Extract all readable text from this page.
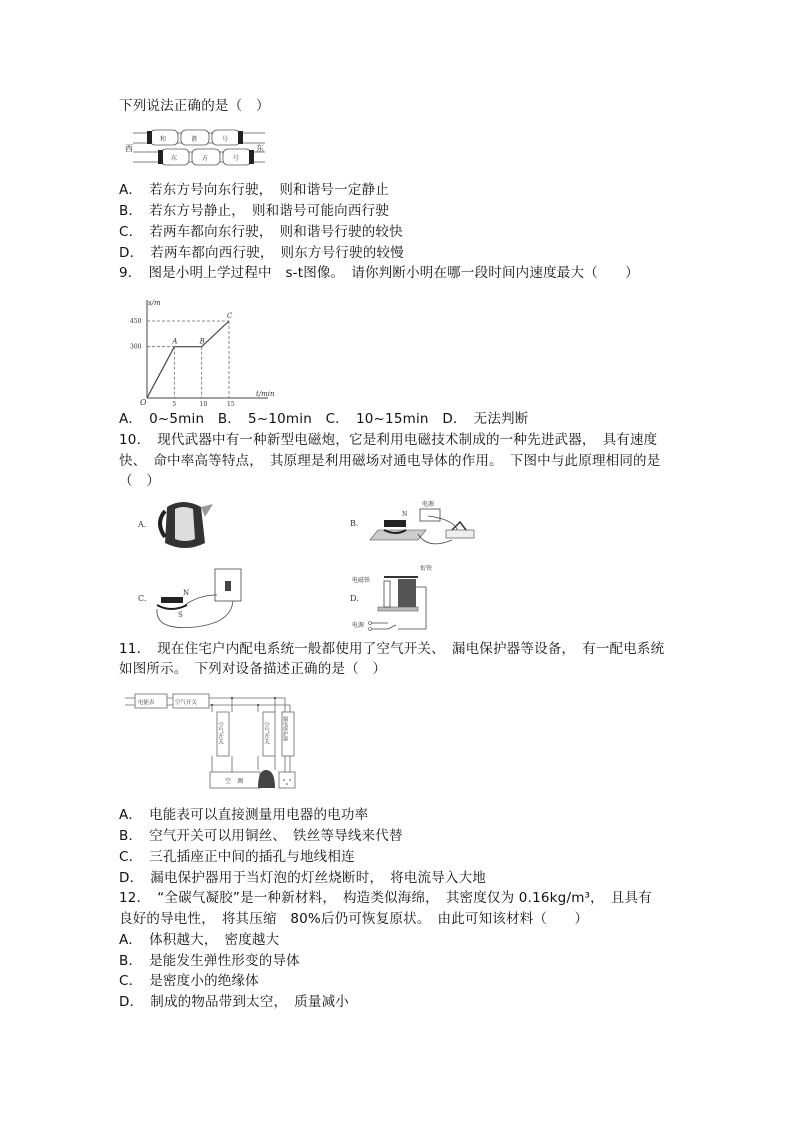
下列说法正确的是（　）
和	谐	号
东	方	号
西	东
A．　若东方号向东行驶，　则和谐号一定静止
B．　若东方号静止，　则和谐号可能向西行驶
C．　若两车都向东行驶，　则和谐号行驶的较快
D．　若两车都向西行驶，　则东方号行驶的较慢
9．　图是小明上学过程中　s-t图像。　请你判断小明在哪一段时间内速度最大（　　）
s/m
t/min
O	5
A
10
B
15
C
300
450
A．　0~5min　B．　5~10min　C．　10~15min　D．　无法判断
10．　现代武器中有一种新型电磁炮，它是利用电磁技术制成的一种先进武器，　具有速度
快、　命中率高等特点，　其原理是利用磁场对通电导体的作用。　下图中与此原理相同的是
（　）
A.	B.
电源
N
C.
N
S
D.
电磁铁
衔铁
电源
11．　现在住宅户内配电系统一般都使用了空气开关、　漏电保护器等设备，　有一配电系统
如图所示。　下列对设备描述正确的是（　）
电能表	空气开关
空气开关	空气开关	漏电保护器
空　调
A．　电能表可以直接测量用电器的电功率
B．　空气开关可以用铜丝、　铁丝等导线来代替
C．　三孔插座正中间的插孔与地线相连
D．　漏电保护器用于当灯泡的灯丝烧断时，　将电流导入大地
12．　“全碳气凝胶”是一种新材料，　构造类似海绵，　其密度仅为 0.16kg/m³，　且具有
良好的导电性，　将其压缩　80%后仍可恢复原状。　由此可知该材料（　　）
A．　体积越大，　密度越大
B．　是能发生弹性形变的导体
C．　是密度小的绝缘体
D．　制成的物品带到太空，　质量减小
